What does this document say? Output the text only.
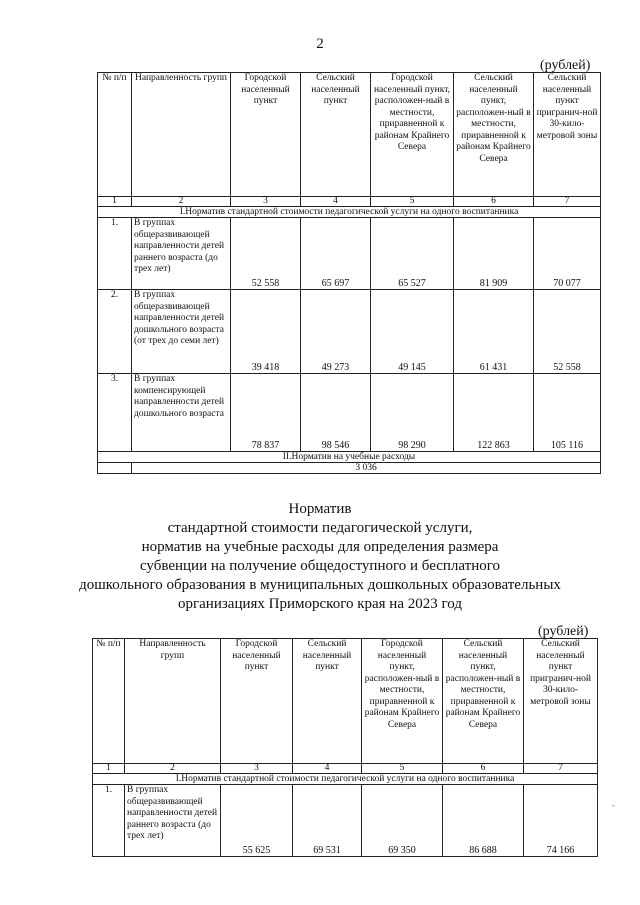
2
(рублей)
№ п/п	Направленность групп	Городской населенный пункт	Сельский населенный пункт	Городской населенный пункт, расположен-ный в местности, приравненной к районам Крайнего Севера	Сельский населенный пункт, расположен-ный в местности, приравненной к районам Крайнего Севера	Сельский населенный пункт пригранич-ной 30-кило-метровой зоны
1	2	3	4	5	6	7
I.Норматив стандартной стоимости педагогической услуги на одного воспитанника						
1.	В группах общеразвивающей направленности детей раннего возраста (до трех лет)	52 558	65 697	65 527	81 909	70 077
2.	В группах общеразвивающей направленности детей дошкольного возраста (от трех до семи лет)	39 418	49 273	49 145	61 431	52 558
3.	В группах компенсирующей направленности детей дошкольного возраста	78 837	98 546	98 290	122 863	105 116
II.Норматив на учебные расходы						
	3 036					
Норматив
стандартной стоимости педагогической услуги,
норматив на учебные расходы для определения размера
субвенции на получение общедоступного и бесплатного
дошкольного образования в муниципальных дошкольных образовательных
организациях Приморского края на 2023 год
(рублей)
№ п/п	Направленность групп	Городской населенный пункт	Сельский населенный пункт	Городской населенный пункт, расположен-ный в местности, приравненной к районам Крайнего Севера	Сельский населенный пункт, расположен-ный в местности, приравненной к районам Крайнего Севера	Сельский населенный пункт пригранич-ной 30-кило-метровой зоны
1	2	3	4	5	6	7
I.Норматив стандартной стоимости педагогической услуги на одного воспитанника						
1.	В группах общеразвивающей направленности детей раннего возраста (до трех лет)	55 625	69 531	69 350	86 688	74 166
-
